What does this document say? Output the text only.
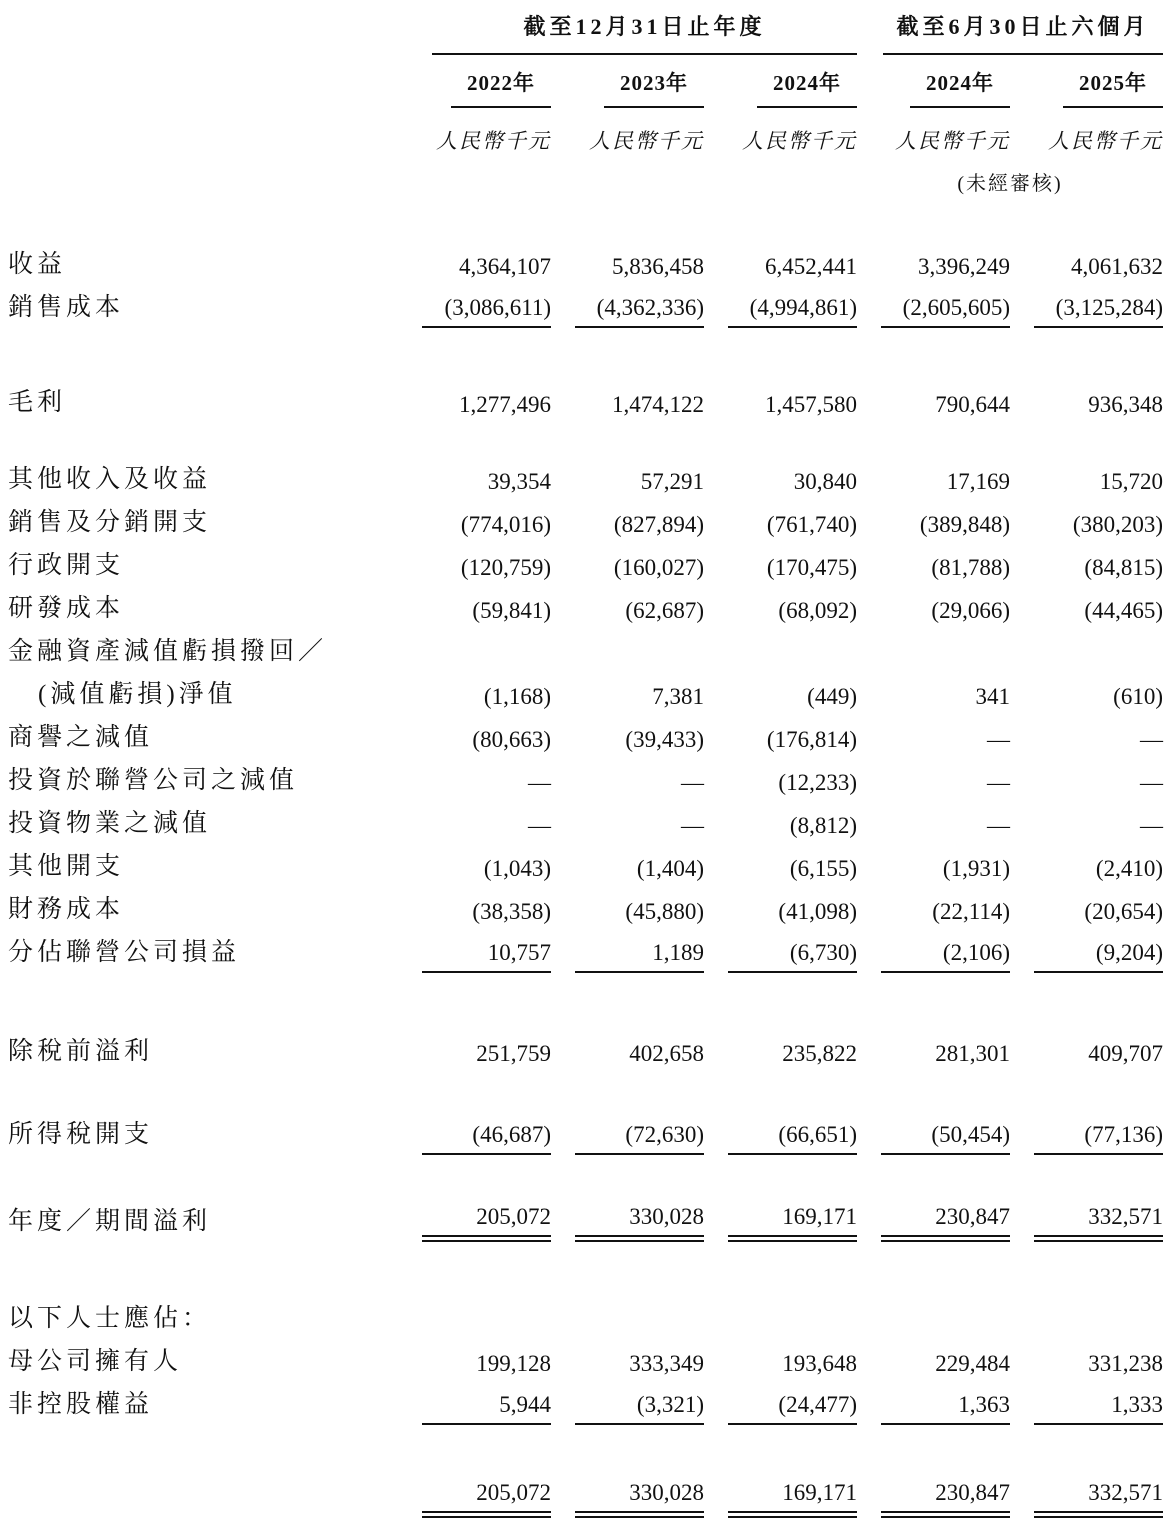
截至12月31日止年度	截至6月30日止六個月
2022年	2023年	2024年	2024年	2025年
人民幣千元	人民幣千元	人民幣千元	人民幣千元	人民幣千元
(未經審核)
收益	4,364,107	5,836,458	6,452,441	3,396,249	4,061,632
銷售成本	(3,086,611)	(4,362,336)	(4,994,861)	(2,605,605)	(3,125,284)
毛利	1,277,496	1,474,122	1,457,580	790,644	936,348
其他收入及收益	39,354	57,291	30,840	17,169	15,720
銷售及分銷開支	(774,016)	(827,894)	(761,740)	(389,848)	(380,203)
行政開支	(120,759)	(160,027)	(170,475)	(81,788)	(84,815)
研發成本	(59,841)	(62,687)	(68,092)	(29,066)	(44,465)
金融資產減值虧損撥回／
(減值虧損)淨值	(1,168)	7,381	(449)	341	(610)
商譽之減值	(80,663)	(39,433)	(176,814)	—	—
投資於聯營公司之減值	—	—	(12,233)	—	—
投資物業之減值	—	—	(8,812)	—	—
其他開支	(1,043)	(1,404)	(6,155)	(1,931)	(2,410)
財務成本	(38,358)	(45,880)	(41,098)	(22,114)	(20,654)
分佔聯營公司損益	10,757	1,189	(6,730)	(2,106)	(9,204)
除稅前溢利	251,759	402,658	235,822	281,301	409,707
所得稅開支	(46,687)	(72,630)	(66,651)	(50,454)	(77,136)
年度／期間溢利	205,072	330,028	169,171	230,847	332,571
以下人士應佔：
母公司擁有人	199,128	333,349	193,648	229,484	331,238
非控股權益	5,944	(3,321)	(24,477)	1,363	1,333
205,072	330,028	169,171	230,847	332,571
